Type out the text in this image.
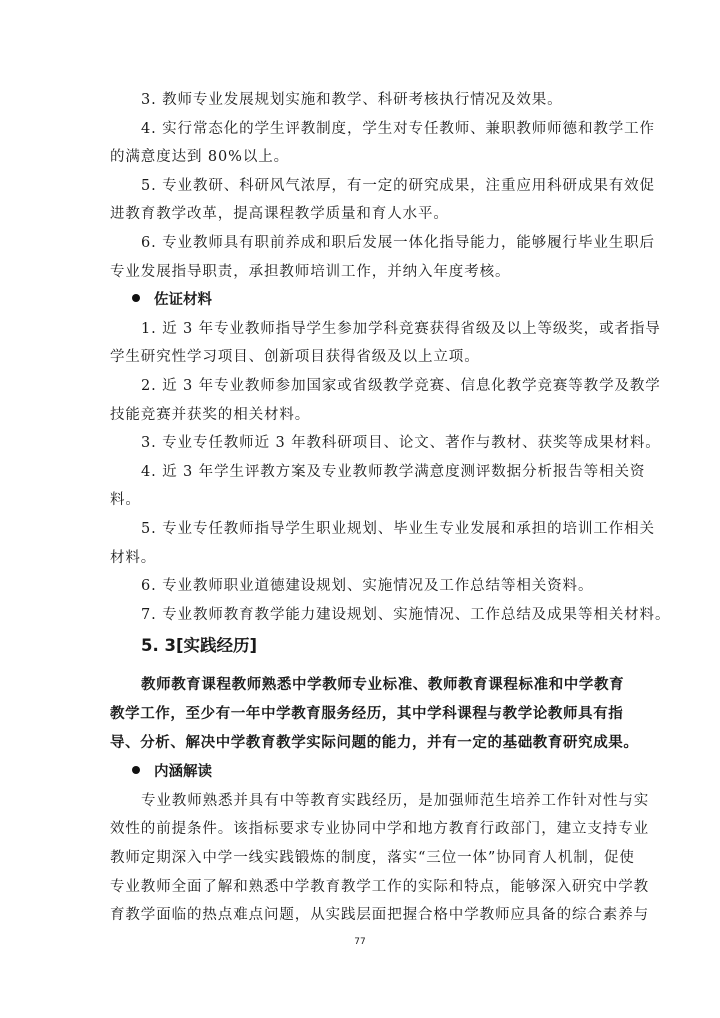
3. 教师专业发展规划实施和教学、科研考核执行情况及效果。
4. 实行常态化的学生评教制度，学生对专任教师、兼职教师师德和教学工作
的满意度达到 80%以上。
5. 专业教研、科研风气浓厚，有一定的研究成果，注重应用科研成果有效促
进教育教学改革，提高课程教学质量和育人水平。
6. 专业教师具有职前养成和职后发展一体化指导能力，能够履行毕业生职后
专业发展指导职责，承担教师培训工作，并纳入年度考核。
佐证材料
1. 近 3 年专业教师指导学生参加学科竞赛获得省级及以上等级奖，或者指导
学生研究性学习项目、创新项目获得省级及以上立项。
2. 近 3 年专业教师参加国家或省级教学竞赛、信息化教学竞赛等教学及教学
技能竞赛并获奖的相关材料。
3. 专业专任教师近 3 年教科研项目、论文、著作与教材、获奖等成果材料。
4. 近 3 年学生评教方案及专业教师教学满意度测评数据分析报告等相关资
料。
5. 专业专任教师指导学生职业规划、毕业生专业发展和承担的培训工作相关
材料。
6. 专业教师职业道德建设规划、实施情况及工作总结等相关资料。
7. 专业教师教育教学能力建设规划、实施情况、工作总结及成果等相关材料。
5. 3[实践经历]
教师教育课程教师熟悉中学教师专业标准、教师教育课程标准和中学教育
教学工作，至少有一年中学教育服务经历，其中学科课程与教学论教师具有指
导、分析、解决中学教育教学实际问题的能力，并有一定的基础教育研究成果。
内涵解读
专业教师熟悉并具有中等教育实践经历，是加强师范生培养工作针对性与实
效性的前提条件。该指标要求专业协同中学和地方教育行政部门，建立支持专业
教师定期深入中学一线实践锻炼的制度，落实“三位一体”协同育人机制，促使
专业教师全面了解和熟悉中学教育教学工作的实际和特点，能够深入研究中学教
育教学面临的热点难点问题，从实践层面把握合格中学教师应具备的综合素养与
77
